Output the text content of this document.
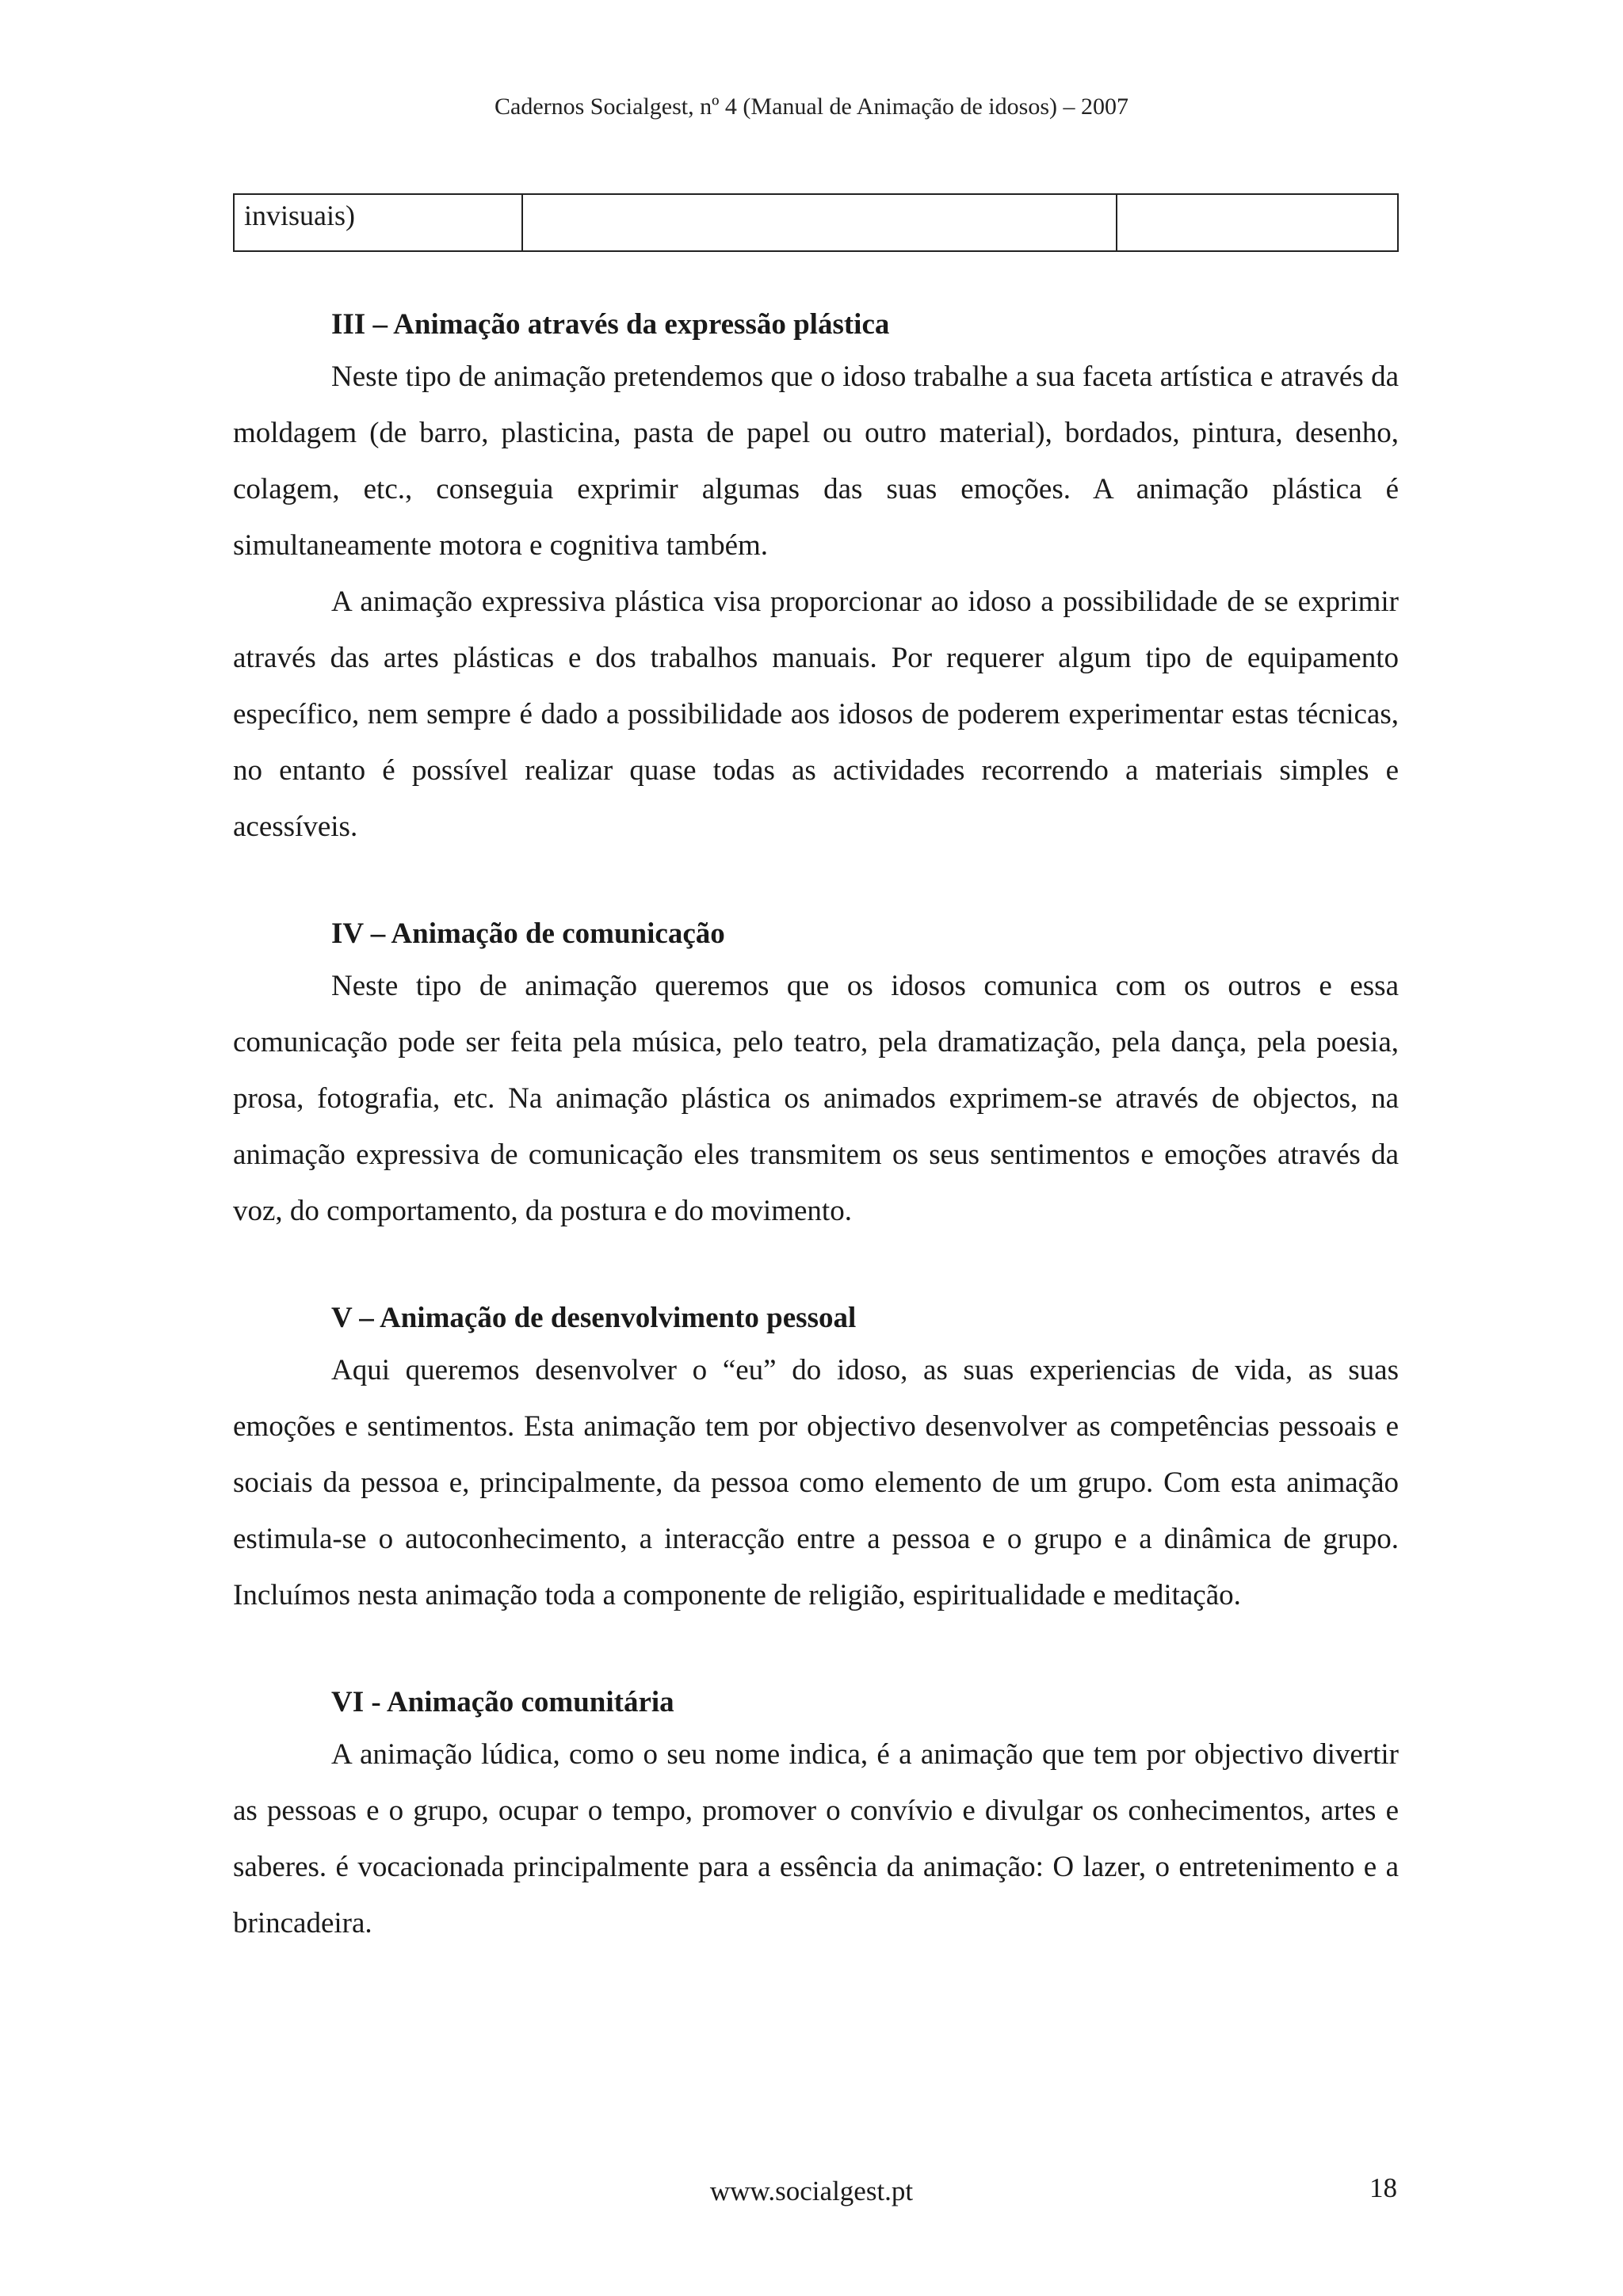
Cadernos Socialgest, nº 4 (Manual de Animação de idosos) – 2007
invisuais)		

III – Animação através da expressão plástica

Neste tipo de animação pretendemos que o idoso trabalhe a sua faceta artística e através da moldagem (de barro, plasticina, pasta de papel ou outro material), bordados, pintura, desenho, colagem, etc., conseguia exprimir algumas das suas emoções. A animação plástica é simultaneamente motora e cognitiva também.

A animação expressiva plástica visa proporcionar ao idoso a possibilidade de se exprimir através das artes plásticas e dos trabalhos manuais. Por requerer algum tipo de equipamento específico, nem sempre é dado a possibilidade aos idosos de poderem experimentar estas técnicas, no entanto é possível realizar quase todas as actividades recorrendo a materiais simples e acessíveis.

IV – Animação de comunicação

Neste tipo de animação queremos que os idosos comunica com os outros e essa comunicação pode ser feita pela música, pelo teatro, pela dramatização, pela dança, pela poesia, prosa, fotografia, etc. Na animação plástica os animados exprimem-se através de objectos, na animação expressiva de comunicação eles transmitem os seus sentimentos e emoções através da voz, do comportamento, da postura e do movimento.

V – Animação de desenvolvimento pessoal

Aqui queremos desenvolver o “eu” do idoso, as suas experiencias de vida, as suas emoções e sentimentos. Esta animação tem por objectivo desenvolver as competências pessoais e sociais da pessoa e, principalmente, da pessoa como elemento de um grupo. Com esta animação estimula-se o autoconhecimento, a interacção entre a pessoa e o grupo e a dinâmica de grupo. Incluímos nesta animação toda a componente de religião, espiritualidade e meditação.

VI - Animação comunitária

A animação lúdica, como o seu nome indica, é a animação que tem por objectivo divertir as pessoas e o grupo, ocupar o tempo, promover o convívio e divulgar os conhecimentos, artes e saberes. é vocacionada principalmente para a essência da animação: O lazer, o entretenimento e a brincadeira.

www.socialgest.pt	18
